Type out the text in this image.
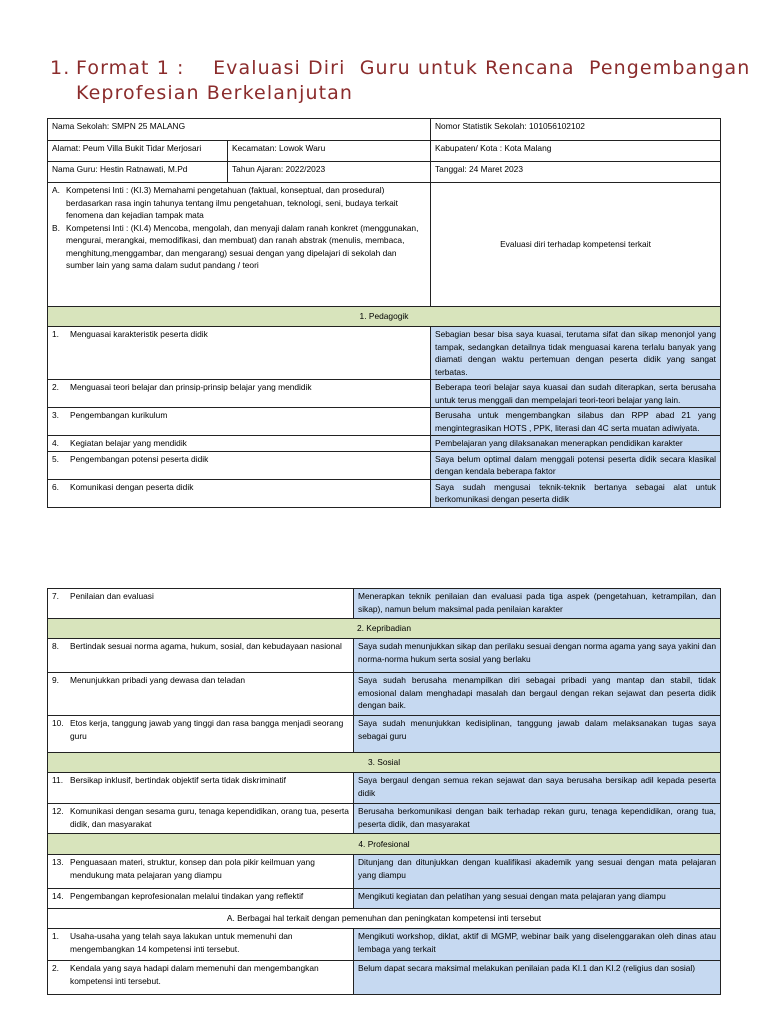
1. Format 1 :    Evaluasi Diri  Guru untuk Rencana  Pengembangan
Keprofesian Berkelanjutan
Nama Sekolah: SMPN 25 MALANG		Nomor Statistik Sekolah: 101056102102
Alamat: Peum Villa Bukit Tidar Merjosari	Kecamatan: Lowok Waru	Kabupaten/ Kota : Kota Malang
Nama Guru: Hestin Ratnawati, M.Pd	Tahun Ajaran: 2022/2023	Tanggal: 24 Maret 2023

A. Kompetensi Inti : (KI.3) Memahami pengetahuan (faktual, konseptual, dan prosedural) berdasarkan rasa ingin tahunya tentang ilmu pengetahuan, teknologi, seni, budaya terkait fenomena dan kejadian tampak mata
B. Kompetensi Inti : (KI.4) Mencoba, mengolah, dan menyaji dalam ranah konkret (menggunakan, mengurai, merangkai, memodifikasi, dan membuat) dan ranah abstrak (menulis, membaca, menghitung,menggambar, dan mengarang) sesuai dengan yang dipelajari di sekolah dan sumber lain yang sama dalam sudut pandang / teori		Evaluasi diri terhadap kompetensi terkait
1. Pedagogik		

1. Menguasai karakteristik peserta didik		Sebagian besar bisa saya kuasai, terutama sifat dan sikap menonjol yang tampak, sedangkan detailnya tidak menguasai karena terlalu banyak yang diamati dengan waktu pertemuan dengan peserta didik yang sangat terbatas.

2. Menguasai teori belajar dan prinsip-prinsip belajar yang mendidik		Beberapa teori belajar saya kuasai dan sudah diterapkan, serta berusaha untuk terus menggali dan mempelajari teori-teori belajar yang lain.

3. Pengembangan kurikulum		Berusaha untuk mengembangkan silabus dan RPP abad 21 yang mengintegrasikan HOTS , PPK, literasi dan 4C serta muatan adiwiyata.

4. Kegiatan belajar yang mendidik		Pembelajaran yang dilaksanakan menerapkan pendidikan karakter

5. Pengembangan potensi peserta didik		Saya belum optimal dalam menggali potensi peserta didik secara klasikal dengan kendala beberapa faktor

6. Komunikasi dengan peserta didik		Saya sudah mengusai teknik-teknik bertanya sebagai alat untuk berkomunikasi dengan peserta didik
7. Penilaian dan evaluasi	Menerapkan teknik penilaian dan evaluasi pada tiga aspek (pengetahuan, ketrampilan, dan sikap), namun belum maksimal pada penilaian karakter
2. Kepribadian	

8. Bertindak sesuai norma agama, hukum, sosial, dan kebudayaan nasional	Saya sudah menunjukkan sikap dan perilaku sesuai dengan norma agama yang saya yakini dan norma-norma hukum serta sosial yang berlaku

9. Menunjukkan pribadi yang dewasa dan teladan	Saya sudah berusaha menampilkan diri sebagai pribadi yang mantap dan stabil, tidak emosional dalam menghadapi masalah dan bergaul dengan rekan sejawat dan peserta didik dengan baik.

10. Etos kerja, tanggung jawab yang tinggi dan rasa bangga menjadi seorang guru	Saya sudah menunjukkan kedisiplinan, tanggung jawab dalam melaksanakan tugas saya sebagai guru
3. Sosial	

11. Bersikap inklusif, bertindak objektif serta tidak diskriminatif	Saya bergaul dengan semua rekan sejawat dan saya berusaha bersikap adil kepada peserta didik

12. Komunikasi dengan sesama guru, tenaga kependidikan, orang tua, peserta didik, dan masyarakat	Berusaha berkomunikasi dengan baik terhadap rekan guru, tenaga kependidikan, orang tua, peserta didik, dan masyarakat
4. Profesional	

13. Penguasaan materi, struktur, konsep dan pola pikir keilmuan yang mendukung mata pelajaran yang diampu	Ditunjang dan ditunjukkan dengan kualifikasi akademik yang sesuai dengan mata pelajaran yang diampu

14. Pengembangan keprofesionalan melalui tindakan yang reflektif	Mengikuti kegiatan dan pelatihan yang sesuai dengan mata pelajaran yang diampu
A. Berbagai hal terkait dengan pemenuhan dan peningkatan kompetensi inti tersebut	

1. Usaha-usaha yang telah saya lakukan untuk memenuhi dan mengembangkan 14 kompetensi inti tersebut.	Mengikuti workshop, diklat, aktif di MGMP, webinar baik yang diselenggarakan oleh dinas atau lembaga yang terkait

2. Kendala yang saya hadapi dalam memenuhi dan mengembangkan kompetensi inti tersebut.	Belum dapat secara maksimal melakukan penilaian pada KI.1 dan KI.2 (religius dan sosial)
